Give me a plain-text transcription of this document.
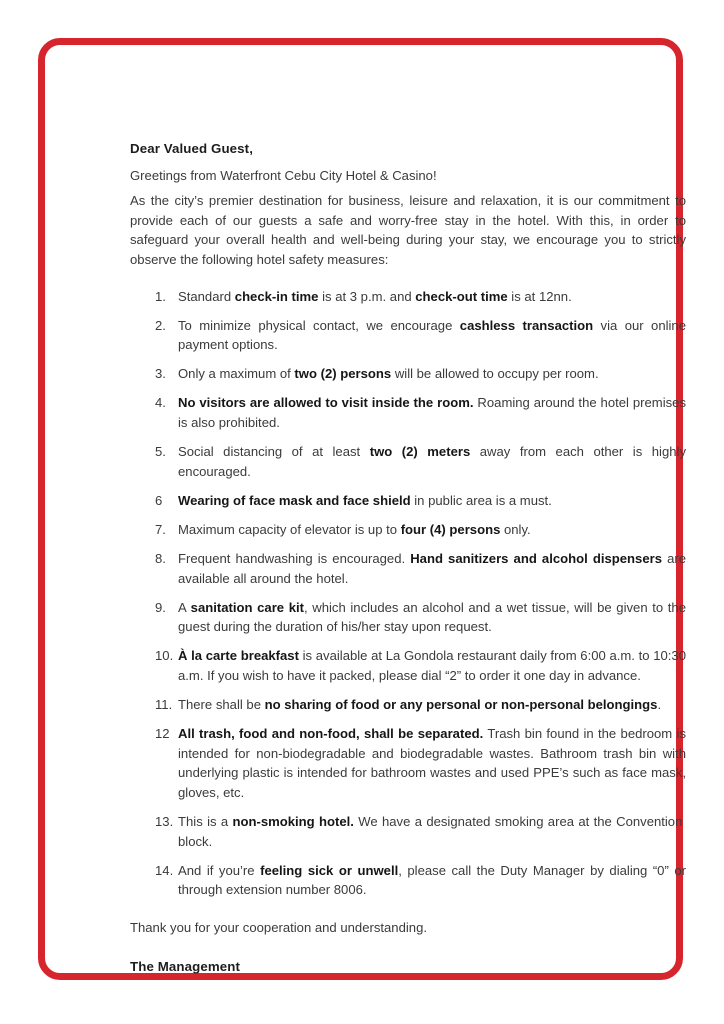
Dear Valued Guest,

Greetings from Waterfront Cebu City Hotel & Casino!

As the city’s premier destination for business, leisure and relaxation, it is our commitment to provide each of our guests a safe and worry-free stay in the hotel. With this, in order to safeguard your overall health and well-being during your stay, we encourage you to strictly observe the following hotel safety measures:

1. Standard check-in time is at 3 p.m. and check-out time is at 12nn.
2. To minimize physical contact, we encourage cashless transaction via our online payment options.
3. Only a maximum of two (2) persons will be allowed to occupy per room.
4. No visitors are allowed to visit inside the room. Roaming around the hotel premises is also prohibited.
5. Social distancing of at least two (2) meters away from each other is highly encouraged.
6	Wearing of face mask and face shield in public area is a must.
7. Maximum capacity of elevator is up to four (4) persons only.
8. Frequent handwashing is encouraged. Hand sanitizers and alcohol dispensers are available all around the hotel.
9. A sanitation care kit, which includes an alcohol and a wet tissue, will be given to the guest during the duration of his/her stay upon request.
10. À la carte breakfast is available at La Gondola restaurant daily from 6:00 a.m. to 10:30 a.m. If you wish to have it packed, please dial “2” to order it one day in advance.
11. There shall be no sharing of food or any personal or non-personal belongings.
12 All trash, food and non-food, shall be separated. Trash bin found in the bedroom is intended for non-biodegradable and biodegradable wastes. Bathroom trash bin with underlying plastic is intended for bathroom wastes and used PPE’s such as face mask, gloves, etc.
13. This is a non-smoking hotel. We have a designated smoking area at the Convention  block.
14. And if you’re feeling sick or unwell, please call the Duty Manager by dialing “0” or through extension number 8006.

Thank you for your cooperation and understanding.

The Management
